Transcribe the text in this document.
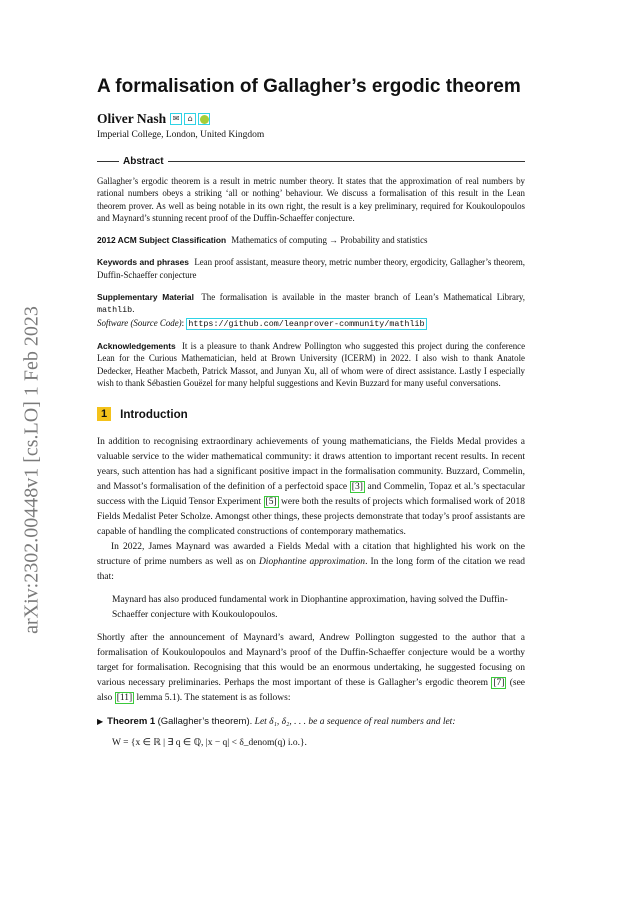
arXiv:2302.00448v1 [cs.LO] 1 Feb 2023
A formalisation of Gallagher’s ergodic theorem
Oliver Nash ✉	⌂
Imperial College, London, United Kingdom
Abstract

Gallagher’s ergodic theorem is a result in metric number theory. It states that the approximation of real numbers by rational numbers obeys a striking ‘all or nothing’ behaviour. We discuss a formalisation of this result in the Lean theorem prover. As well as being notable in its own right, the result is a key preliminary, required for Koukoulopoulos and Maynard’s stunning recent proof of the Duffin-Schaeffer conjecture.

2012 ACM Subject Classification Mathematics of computing → Probability and statistics

Keywords and phrases Lean proof assistant, measure theory, metric number theory, ergodicity, Gallagher’s theorem, Duffin-Schaeffer conjecture

Supplementary Material The formalisation is available in the master branch of Lean’s Mathematical Library, mathlib.
Software (Source Code): https://github.com/leanprover-community/mathlib

Acknowledgements It is a pleasure to thank Andrew Pollington who suggested this project during the conference Lean for the Curious Mathematician, held at Brown University (ICERM) in 2022. I also wish to thank Anatole Dedecker, Heather Macbeth, Patrick Massot, and Junyan Xu, all of whom were of direct assistance. Lastly I especially wish to thank Sébastien Gouëzel for many helpful suggestions and Kevin Buzzard for many useful conversations.

1	Introduction

In addition to recognising extraordinary achievements of young mathematicians, the Fields Medal provides a valuable service to the wider mathematical community: it draws attention to important recent results. In recent years, such attention has had a significant positive impact in the formalisation community. Buzzard, Commelin, and Massot’s formalisation of the definition of a perfectoid space [3] and Commelin, Topaz et al.’s spectacular success with the Liquid Tensor Experiment [5] were both the results of projects which formalised work of 2018 Fields Medalist Peter Scholze. Amongst other things, these projects demonstrate that today’s proof assistants are capable of handling the complicated constructions of contemporary mathematics.

In 2022, James Maynard was awarded a Fields Medal with a citation that highlighted his work on the structure of prime numbers as well as on Diophantine approximation. In the long form of the citation we read that:

Maynard has also produced fundamental work in Diophantine approximation, having solved the Duffin-Schaeffer conjecture with Koukoulopoulos.

Shortly after the announcement of Maynard’s award, Andrew Pollington suggested to the author that a formalisation of Koukoulopoulos and Maynard’s proof of the Duffin-Schaeffer conjecture would be a worthy target for formalisation. Recognising that this would be an enormous undertaking, he suggested focusing on various necessary preliminaries. Perhaps the most important of these is Gallagher’s ergodic theorem [7] (see also [11] lemma 5.1). The statement is as follows:

▶ Theorem 1 (Gallagher’s theorem). Let δ₁, δ₂, . . . be a sequence of real numbers and let:

W = {x ∈ ℝ | ∃ q ∈ ℚ, |x − q| < δ_denom(q) i.o.}.
